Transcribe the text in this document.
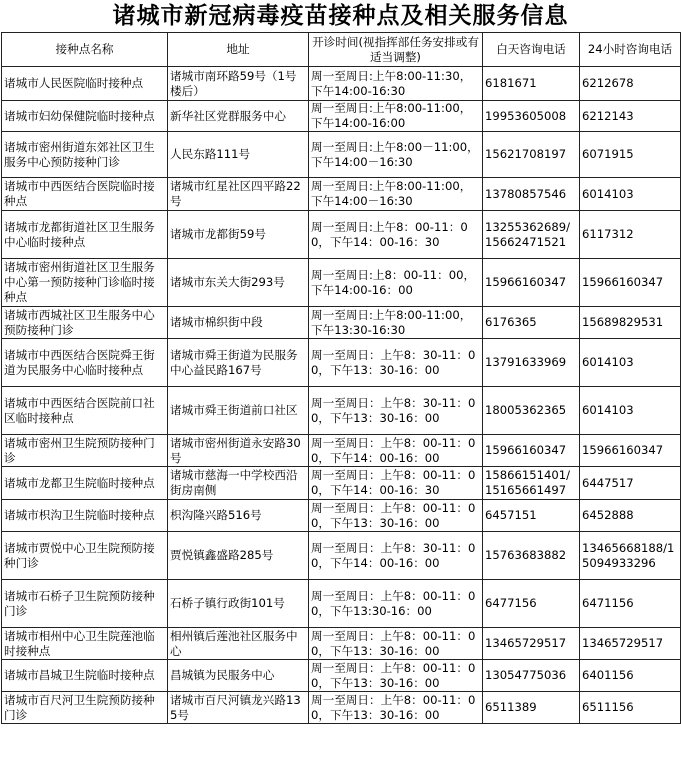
诸城市新冠病毒疫苗接种点及相关服务信息
接种点名称	地址	开诊时间(视指挥部任务安排或有适当调整)	白天咨询电话	24小时咨询电话
诸城市人民医院临时接种点	诸城市南环路59号（1号楼后）	周一至周日:上午8:00-11:30，下午14:00-16:30	6181671	6212678
诸城市妇幼保健院临时接种点	新华社区党群服务中心	周一至周日:上午8:00-11:00，下午14:00-16:00	19953605008	6212143
诸城市密州街道东郊社区卫生服务中心预防接种门诊	人民东路111号	周一至周日:上午8:00－11:00，下午14:00－16:30	15621708197	6071915
诸城市中西医结合医院临时接种点	诸城市红星社区四平路22号	周一至周日:上午8:00-11:00，下午14:00－16:30	13780857546	6014103
诸城市龙都街道社区卫生服务中心临时接种点	诸城市龙都街59号	周一至周日:上午8：00-11：00，下午14：00-16：30	13255362689/15662471521	6117312
诸城市密州街道社区卫生服务中心第一预防接种门诊临时接种点	诸城市东关大街293号	周一至周日:上8：00-11：00，下午14:00-16：00	15966160347	15966160347
诸城市西城社区卫生服务中心预防接种门诊	诸城市棉织街中段	周一至周日:上午8:00-11:00，下午13:30-16:30	6176365	15689829531
诸城市中西医结合医院舜王街道为民服务中心临时接种点	诸城市舜王街道为民服务中心益民路167号	周一至周日：上午8：30-11：00，下午13：30-16：00	13791633969	6014103
诸城市中西医结合医院前口社区临时接种点	诸城市舜王街道前口社区	周一至周日：上午8：30-11：00，下午13：30-16：00	18005362365	6014103
诸城市密州卫生院预防接种门诊	诸城市密州街道永安路30号	周一至周日：上午8：00-11：00，下午14：00-16：00	15966160347	15966160347
诸城市龙都卫生院临时接种点	诸城市慈海一中学校西沿街房南侧	周一至周日：上午8：00-11：00，下午14：00-16：30	15866151401/15165661497	6447517
诸城市枳沟卫生院临时接种点	枳沟隆兴路516号	周一至周日：上午8：00-11：00，下午13：30-16：00	6457151	6452888
诸城市贾悦中心卫生院预防接种门诊	贾悦镇鑫盛路285号	周一至周日：上午8：30-11：00，下午14：00-16：00	15763683882	13465668188/15094933296
诸城市石桥子卫生院预防接种门诊	石桥子镇行政街101号	周一至周日：上午8：00-11：00，下午13:30-16：00	6477156	6471156
诸城市相州中心卫生院莲池临时接种点	相州镇后莲池社区服务中心	周一至周日：上午8：00-11：00，下午13：30-16：00	13465729517	13465729517
诸城市昌城卫生院临时接种点	昌城镇为民服务中心	周一至周日：上午8：00-11：00，下午13：30-16：00	13054775036	6401156
诸城市百尺河卫生院预防接种门诊	诸城市百尺河镇龙兴路135号	周一至周日：上午8：00-11：00，下午13：30-16：00	6511389	6511156
